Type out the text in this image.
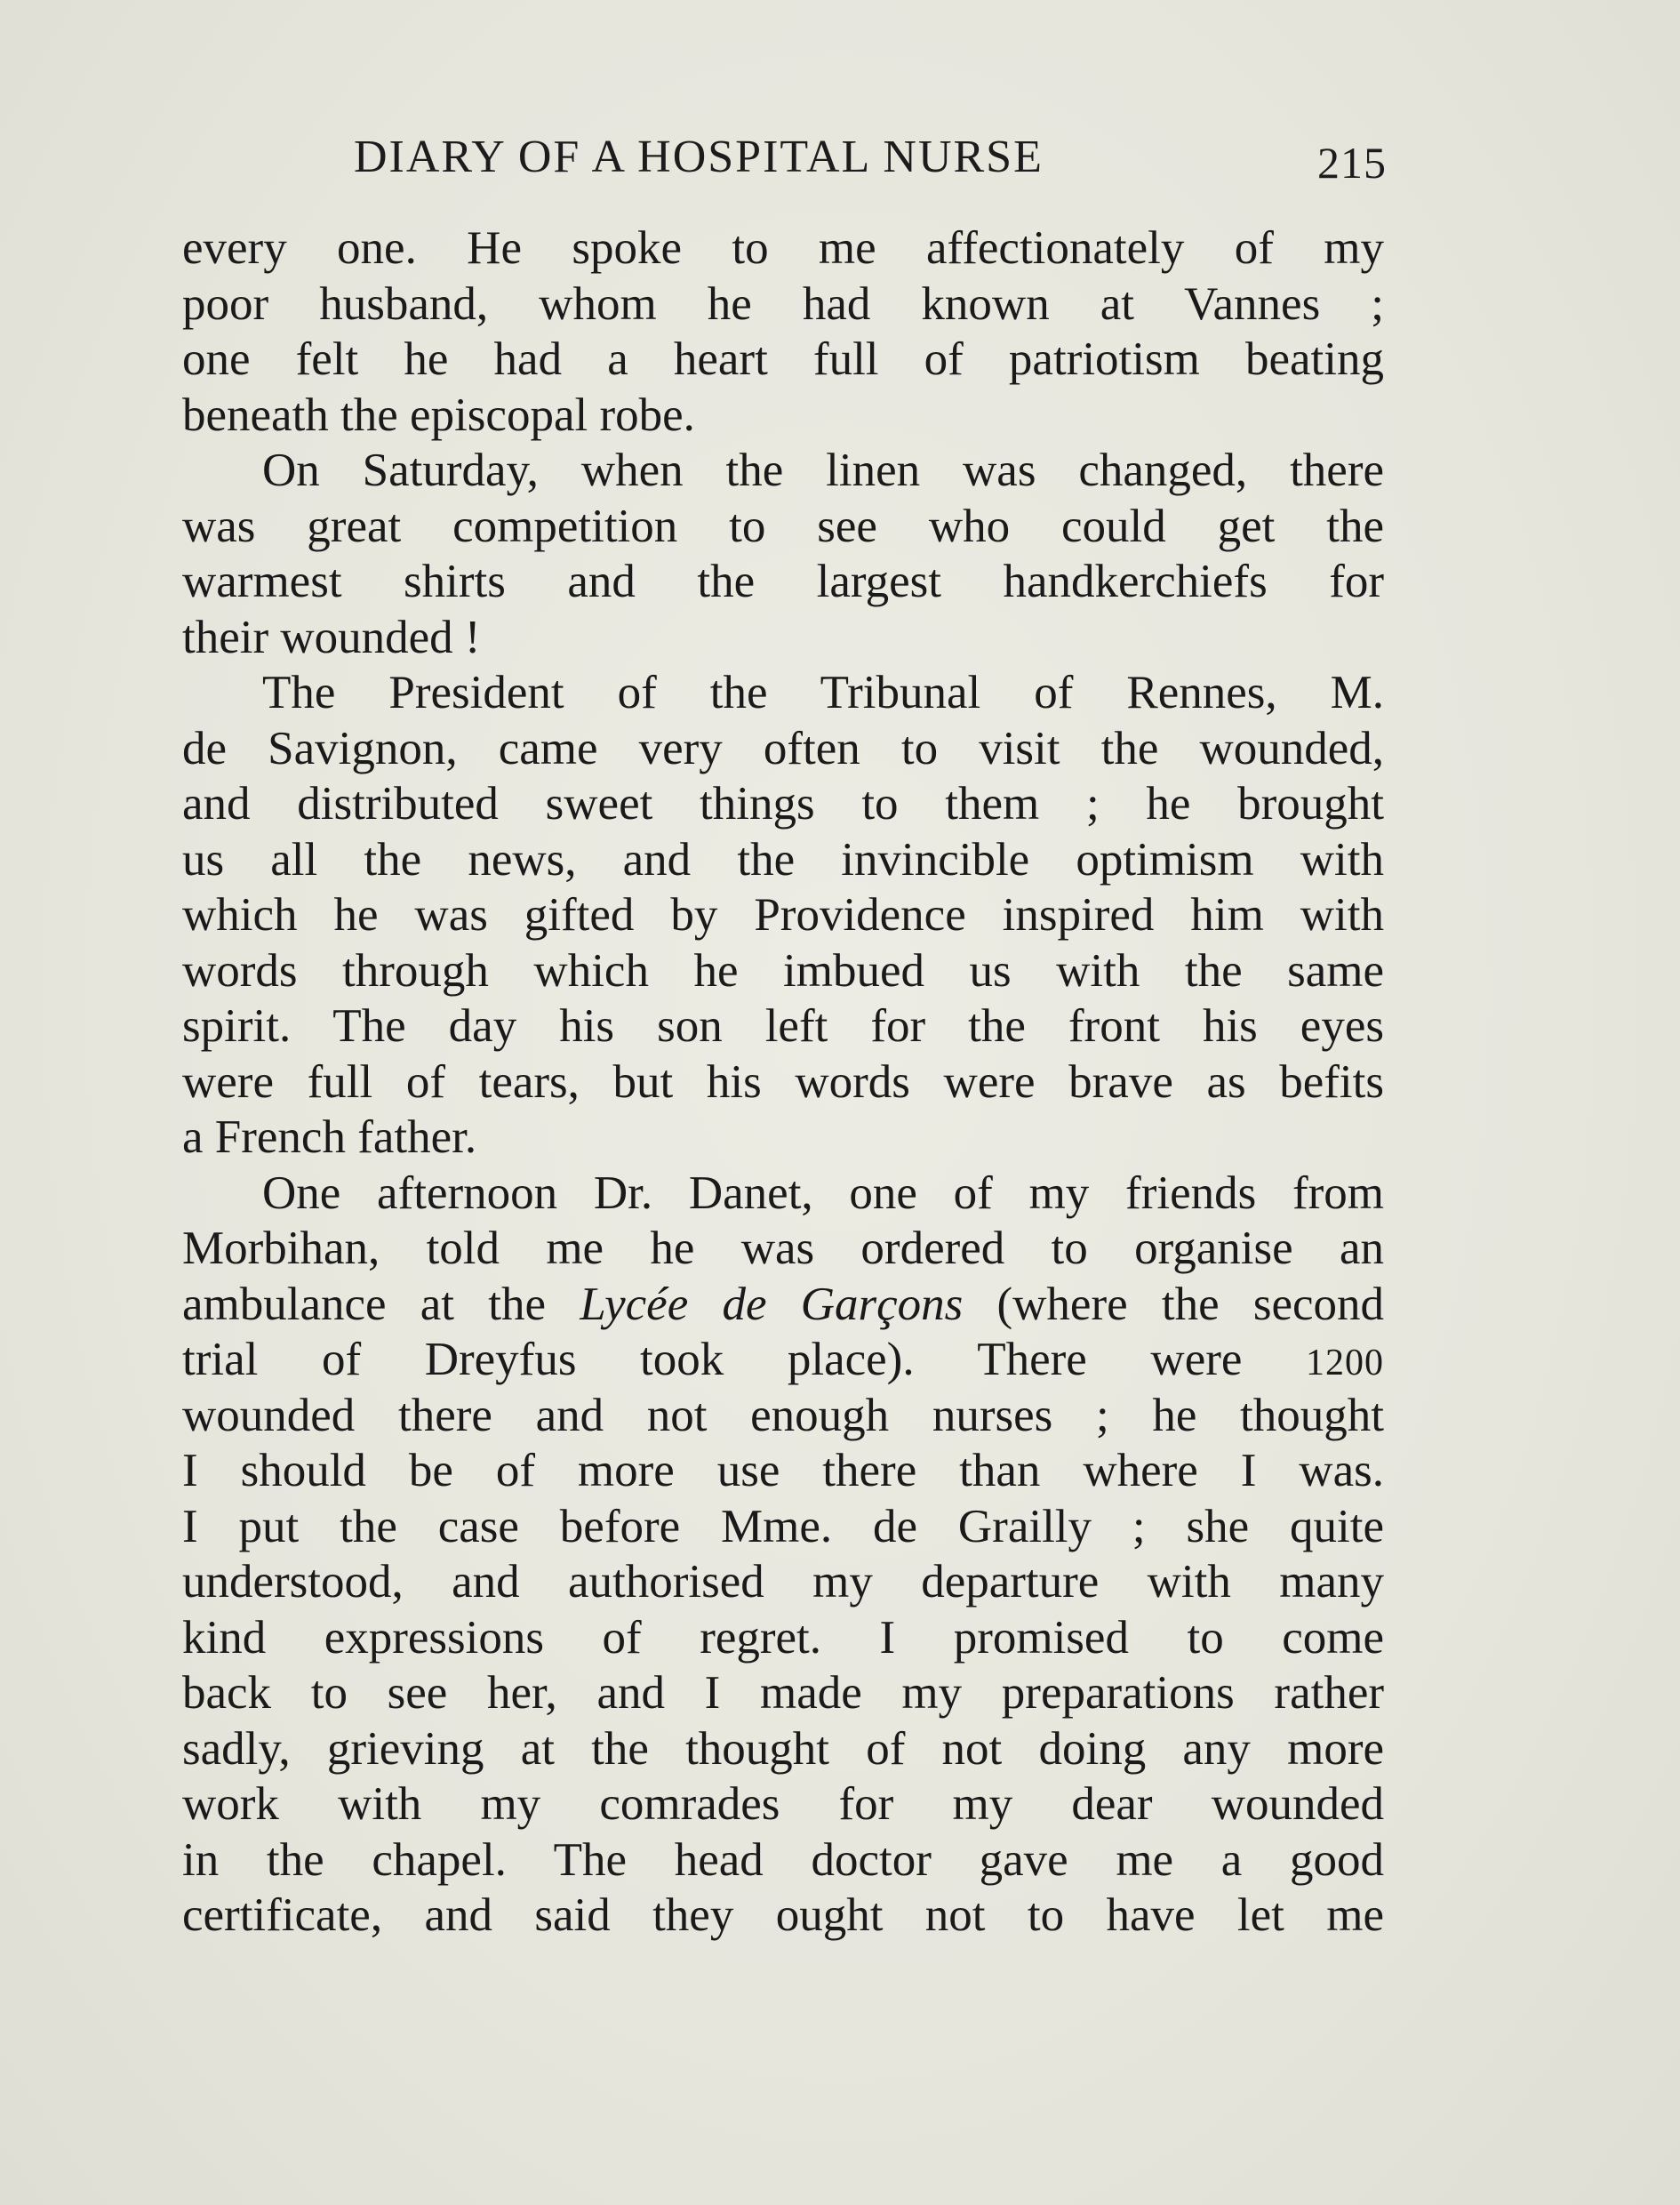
DIARY OF A HOSPITAL NURSE	215
every one. He spoke to me affectionately of my
poor husband, whom he had known at Vannes ;
one felt he had a heart full of patriotism beating
beneath the episcopal robe.
On Saturday, when the linen was changed, there
was great competition to see who could get the
warmest shirts and the largest handkerchiefs for
their wounded !
The President of the Tribunal of Rennes, M.
de Savignon, came very often to visit the wounded,
and distributed sweet things to them ; he brought
us all the news, and the invincible optimism with
which he was gifted by Providence inspired him with
words through which he imbued us with the same
spirit. The day his son left for the front his eyes
were full of tears, but his words were brave as befits
a French father.
One afternoon Dr. Danet, one of my friends from
Morbihan, told me he was ordered to organise an
ambulance at the Lycée de Garçons (where the second
trial of Dreyfus took place). There were 1200
wounded there and not enough nurses ; he thought
I should be of more use there than where I was.
I put the case before Mme. de Grailly ; she quite
understood, and authorised my departure with many
kind expressions of regret. I promised to come
back to see her, and I made my preparations rather
sadly, grieving at the thought of not doing any more
work with my comrades for my dear wounded
in the chapel. The head doctor gave me a good
certificate, and said they ought not to have let me
